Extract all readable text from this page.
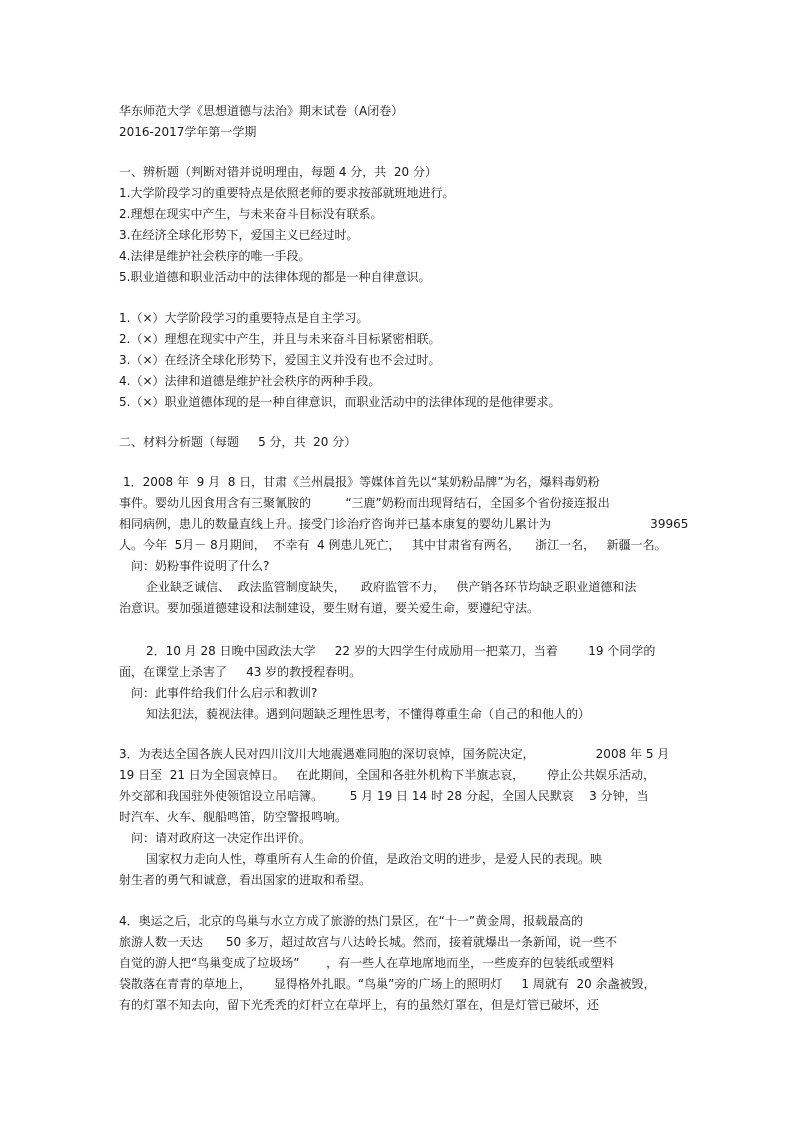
华东师范大学《思想道德与法治》期末试卷（A闭卷）
2016-2017学年第一学期
一、辨析题（判断对错并说明理由，每题 4 分，共  20 分）
1.大学阶段学习的重要特点是依照老师的要求按部就班地进行。
2.理想在现实中产生，与未来奋斗目标没有联系。
3.在经济全球化形势下，爱国主义已经过时。
4.法律是维护社会秩序的唯一手段。
5.职业道德和职业活动中的法律体现的都是一种自律意识。
1.（×）大学阶段学习的重要特点是自主学习。
2.（×）理想在现实中产生，并且与未来奋斗目标紧密相联。
3.（×）在经济全球化形势下，爱国主义并没有也不会过时。
4.（×）法律和道德是维护社会秩序的两种手段。
5.（×）职业道德体现的是一种自律意识，而职业活动中的法律体现的是他律要求。
二、材料分析题（每题     5 分，共  20 分）
1．2008 年  9 月  8 日，甘肃《兰州晨报》等媒体首先以“某奶粉品牌”为名，爆料毒奶粉
事件。婴幼儿因食用含有三聚氰胺的         “三鹿”奶粉而出现肾结石，全国多个省份接连报出
相同病例，患儿的数量直线上升。接受门诊治疗咨询并已基本康复的婴幼儿累计为                          39965
人。今年  5月－ 8月期间，  不幸有  4 例患儿死亡，   其中甘肃省有两名，    浙江一名，   新疆一名。
问：奶粉事件说明了什么?
企业缺乏诚信、  政法监管制度缺失，    政府监管不力，   供产销各环节均缺乏职业道德和法
治意识。要加强道德建设和法制建设，要生财有道，要关爱生命，要遵纪守法。
2．10 月 28 日晚中国政法大学     22 岁的大四学生付成励用一把菜刀，当着        19 个同学的
面，在课堂上杀害了     43 岁的教授程春明。
问：此事件给我们什么启示和教训?
知法犯法，藐视法律。遇到问题缺乏理性思考，不懂得尊重生命（自己的和他人的）
3．为表达全国各族人民对四川汶川大地震遇难同胞的深切哀悼，国务院决定，                2008 年 5 月
19 日至  21 日为全国哀悼日。   在此期间，全国和各驻外机构下半旗志哀，      停止公共娱乐活动，
外交部和我国驻外使领馆设立吊唁簿。       5 月 19 日 14 时 28 分起，全国人民默哀    3 分钟，当
时汽车、火车、舰船鸣笛，防空警报鸣响。
问：请对政府这一决定作出评价。
国家权力走向人性，尊重所有人生命的价值，是政治文明的进步，是爱人民的表现。映
射生者的勇气和诚意，看出国家的进取和希望。
4．奥运之后，北京的鸟巢与水立方成了旅游的热门景区，在“十一”黄金周，报载最高的
旅游人数一天达      50 多万，超过故宫与八达岭长城。然而，接着就爆出一条新闻，说一些不
自觉的游人把“鸟巢变成了垃圾场”       ，有一些人在草地席地而坐，一些废弃的包装纸或塑料
袋散落在青青的草地上，      显得格外扎眼。“鸟巢”旁的广场上的照明灯     1 周就有  20 余盏被毁，
有的灯罩不知去向，留下光秃秃的灯杆立在草坪上，有的虽然灯罩在，但是灯管已破坏，还
